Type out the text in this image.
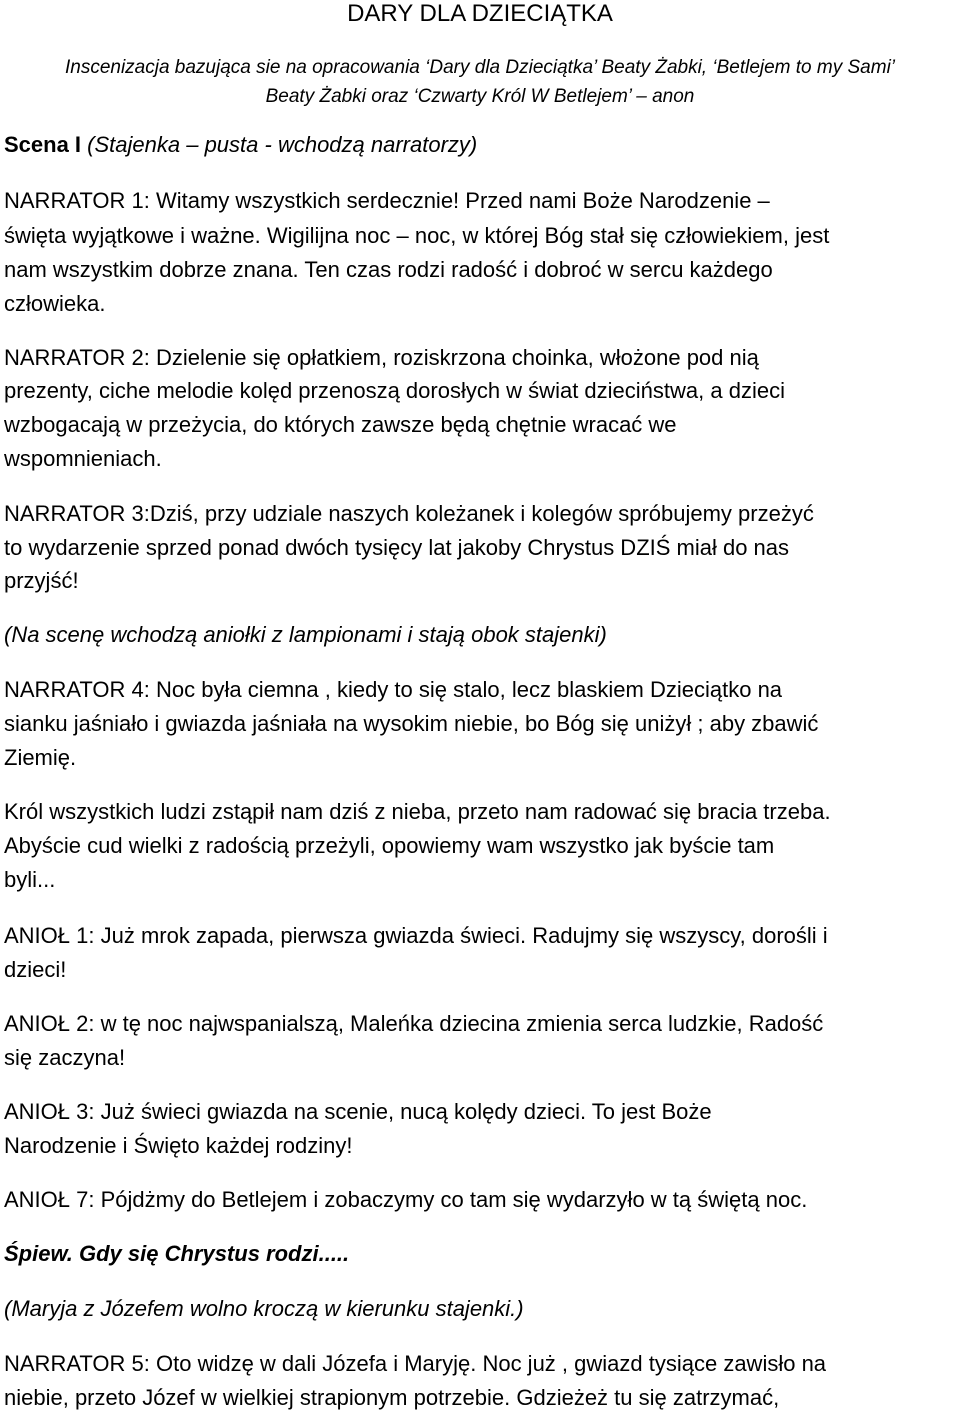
DARY DLA DZIECIĄTKA
Inscenizacja bazująca sie na opracowania ‘Dary dla Dzieciątka’ Beaty Żabki, ‘Betlejem to my Sami’
Beaty Żabki oraz ‘Czwarty Król W Betlejem’ – anon
Scena I (Stajenka – pusta - wchodzą narratorzy)
NARRATOR 1: Witamy wszystkich serdecznie! Przed nami Boże Narodzenie –
święta wyjątkowe i ważne. Wigilijna noc – noc, w której Bóg stał się człowiekiem, jest
nam wszystkim dobrze znana. Ten czas rodzi radość i dobroć w sercu każdego
człowieka.
NARRATOR 2: Dzielenie się opłatkiem, roziskrzona choinka, włożone pod nią
prezenty, ciche melodie kolęd przenoszą dorosłych w świat dzieciństwa, a dzieci
wzbogacają w przeżycia, do których zawsze będą chętnie wracać we
wspomnieniach.
NARRATOR 3:Dziś, przy udziale naszych koleżanek i kolegów spróbujemy przeżyć
to wydarzenie sprzed ponad dwóch tysięcy lat jakoby Chrystus DZIŚ miał do nas
przyjść!
(Na scenę wchodzą aniołki z lampionami i stają obok stajenki)
NARRATOR 4: Noc była ciemna , kiedy to się stalo, lecz blaskiem Dzieciątko na
sianku jaśniało i gwiazda jaśniała na wysokim niebie, bo Bóg się uniżył ; aby zbawić
Ziemię.
Król wszystkich ludzi zstąpił nam dziś z nieba, przeto nam radować się bracia trzeba.
Abyście cud wielki z radością przeżyli, opowiemy wam wszystko jak byście tam
byli...
ANIOŁ 1: Już mrok zapada, pierwsza gwiazda świeci. Radujmy się wszyscy, dorośli i
dzieci!
ANIOŁ 2: w tę noc najwspanialszą, Maleńka dziecina zmienia serca ludzkie, Radość
się zaczyna!
ANIOŁ 3: Już świeci gwiazda na scenie, nucą kolędy dzieci. To jest Boże
Narodzenie i Święto każdej rodziny!
ANIOŁ 7: Pójdżmy do Betlejem i zobaczymy co tam się wydarzyło w tą świętą noc.
Śpiew. Gdy się Chrystus rodzi.....
(Maryja z Józefem wolno kroczą w kierunku stajenki.)
NARRATOR 5: Oto widzę w dali Józefa i Maryję. Noc już , gwiazd tysiące zawisło na
niebie, przeto Józef w wielkiej strapionym potrzebie. Gdzieżeż tu się zatrzymać,
